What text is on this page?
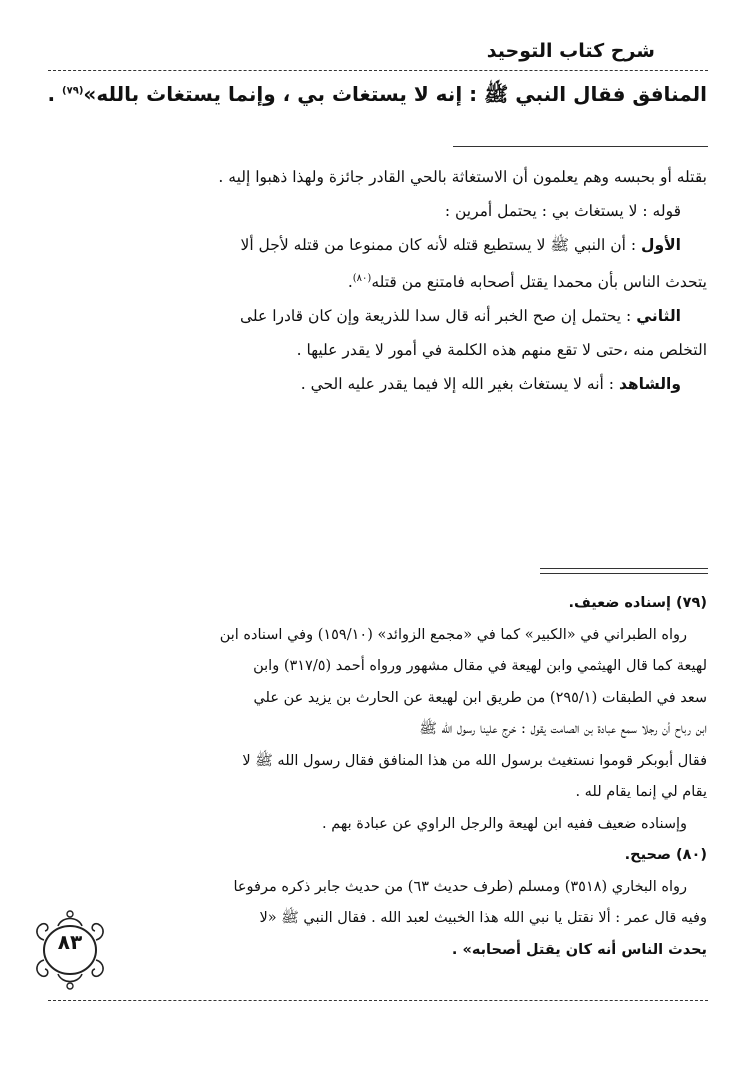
شرح كتاب التوحيد
المنافق فقال النبي ﷺ : إنه لا يستغاث بي ، وإنما يستغاث بالله»$^{(٧٩)}$ .

بقتله أو بحبسه وهم يعلمون أن الاستغاثة بالحي القادر جائزة ولهذا ذهبوا إليه .

قوله : لا يستغاث بي : يحتمل أمرين :

الأول : أن النبي ﷺ لا يستطيع قتله لأنه كان ممنوعا من قتله لأجل ألا

يتحدث الناس بأن محمدا يقتل أصحابه فامتنع من قتله$^{(٨٠)}$.

الثاني : يحتمل إن صح الخبر أنه قال سدا للذريعة وإن كان قادرا على

التخلص منه ،حتى لا تقع منهم هذه الكلمة في أمور لا يقدر عليها .

والشاهد : أنه لا يستغاث بغير الله إلا فيما يقدر عليه الحي .

(٧٩) إسناده ضعيف.

رواه الطبراني في «الكبير» كما في «مجمع الزوائد» (١٥٩/١٠) وفي اسناده ابن

لهيعة كما قال الهيثمي وابن لهيعة في مقال مشهور ورواه أحمد (٣١٧/٥) وابن

سعد في الطبقات (٢٩٥/١) من طريق ابن لهيعة عن الحارث بن يزيد عن علي

ابن رباح أن رجلا سمع عبادة بن الصامت يقول : خرج علينا رسول الله ﷺ

فقال أبوبكر قوموا نستغيث برسول الله من هذا المنافق فقال رسول الله ﷺ لا

يقام لي إنما يقام لله .

وإسناده ضعيف ففيه ابن لهيعة والرجل الراوي عن عبادة بهم .

(٨٠) صحيح.

رواه البخاري (٣٥١٨) ومسلم (طرف حديث ٦٣) من حديث جابر ذكره مرفوعا

وفيه قال عمر : ألا نقتل يا نبي الله هذا الخبيث لعبد الله . فقال النبي ﷺ «لا

يحدث الناس أنه كان يقتل أصحابه» .

٨٣
